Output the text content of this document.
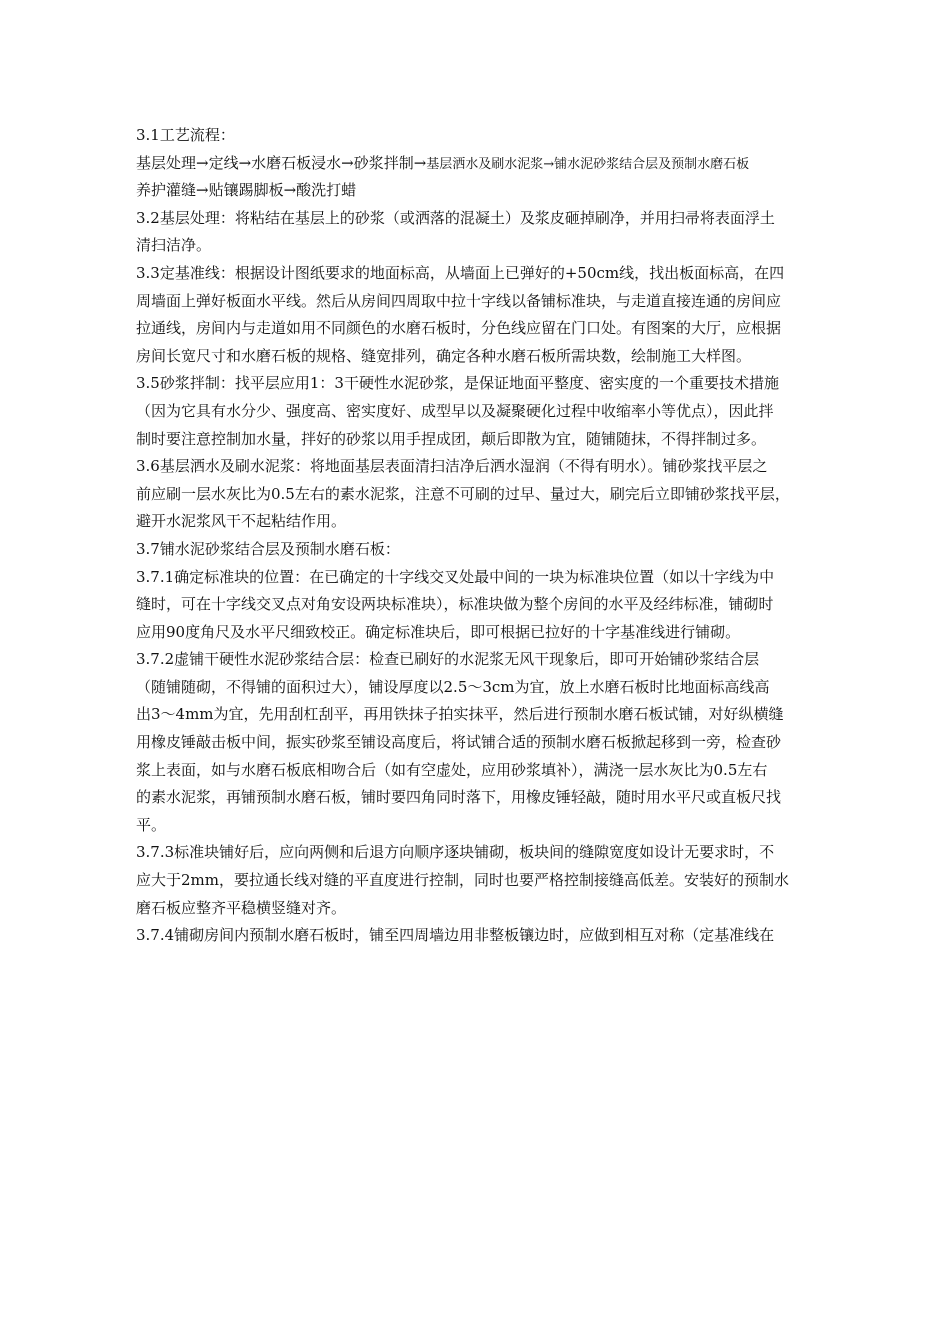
3.1工艺流程：
基层处理→定线→水磨石板浸水→砂浆拌制→基层洒水及刷水泥浆→铺水泥砂浆结合层及预制水磨石板
养护灌缝→贴镶踢脚板→酸洗打蜡
3.2基层处理：将粘结在基层上的砂浆（或洒落的混凝土）及浆皮砸掉刷净，并用扫帚将表面浮土
清扫洁净。
3.3定基准线：根据设计图纸要求的地面标高，从墙面上已弹好的+50cm线，找出板面标高，在四
周墙面上弹好板面水平线。然后从房间四周取中拉十字线以备铺标准块，与走道直接连通的房间应
拉通线，房间内与走道如用不同颜色的水磨石板时，分色线应留在门口处。有图案的大厅，应根据
房间长宽尺寸和水磨石板的规格、缝宽排列，确定各种水磨石板所需块数，绘制施工大样图。
3.5砂浆拌制：找平层应用1：3干硬性水泥砂浆，是保证地面平整度、密实度的一个重要技术措施
（因为它具有水分少、强度高、密实度好、成型早以及凝聚硬化过程中收缩率小等优点），因此拌
制时要注意控制加水量，拌好的砂浆以用手捏成团，颠后即散为宜，随铺随抹，不得拌制过多。
3.6基层洒水及刷水泥浆：将地面基层表面清扫洁净后洒水湿润（不得有明水）。铺砂浆找平层之
前应刷一层水灰比为0.5左右的素水泥浆，注意不可刷的过早、量过大，刷完后立即铺砂浆找平层，
避开水泥浆风干不起粘结作用。
3.7铺水泥砂浆结合层及预制水磨石板：
3.7.1确定标准块的位置：在已确定的十字线交叉处最中间的一块为标准块位置（如以十字线为中
缝时，可在十字线交叉点对角安设两块标准块），标准块做为整个房间的水平及经纬标准，铺砌时
应用90度角尺及水平尺细致校正。确定标准块后，即可根据已拉好的十字基准线进行铺砌。
3.7.2虚铺干硬性水泥砂浆结合层：检查已刷好的水泥浆无风干现象后，即可开始铺砂浆结合层
（随铺随砌，不得铺的面积过大），铺设厚度以2.5～3cm为宜，放上水磨石板时比地面标高线高
出3～4mm为宜，先用刮杠刮平，再用铁抹子拍实抹平，然后进行预制水磨石板试铺，对好纵横缝
用橡皮锤敲击板中间，振实砂浆至铺设高度后，将试铺合适的预制水磨石板掀起移到一旁，检查砂
浆上表面，如与水磨石板底相吻合后（如有空虚处，应用砂浆填补），满浇一层水灰比为0.5左右
的素水泥浆，再铺预制水磨石板，铺时要四角同时落下，用橡皮锤轻敲，随时用水平尺或直板尺找
平。
3.7.3标准块铺好后，应向两侧和后退方向顺序逐块铺砌，板块间的缝隙宽度如设计无要求时，不
应大于2mm，要拉通长线对缝的平直度进行控制，同时也要严格控制接缝高低差。安装好的预制水
磨石板应整齐平稳横竖缝对齐。
3.7.4铺砌房间内预制水磨石板时，铺至四周墙边用非整板镶边时，应做到相互对称（定基准线在
